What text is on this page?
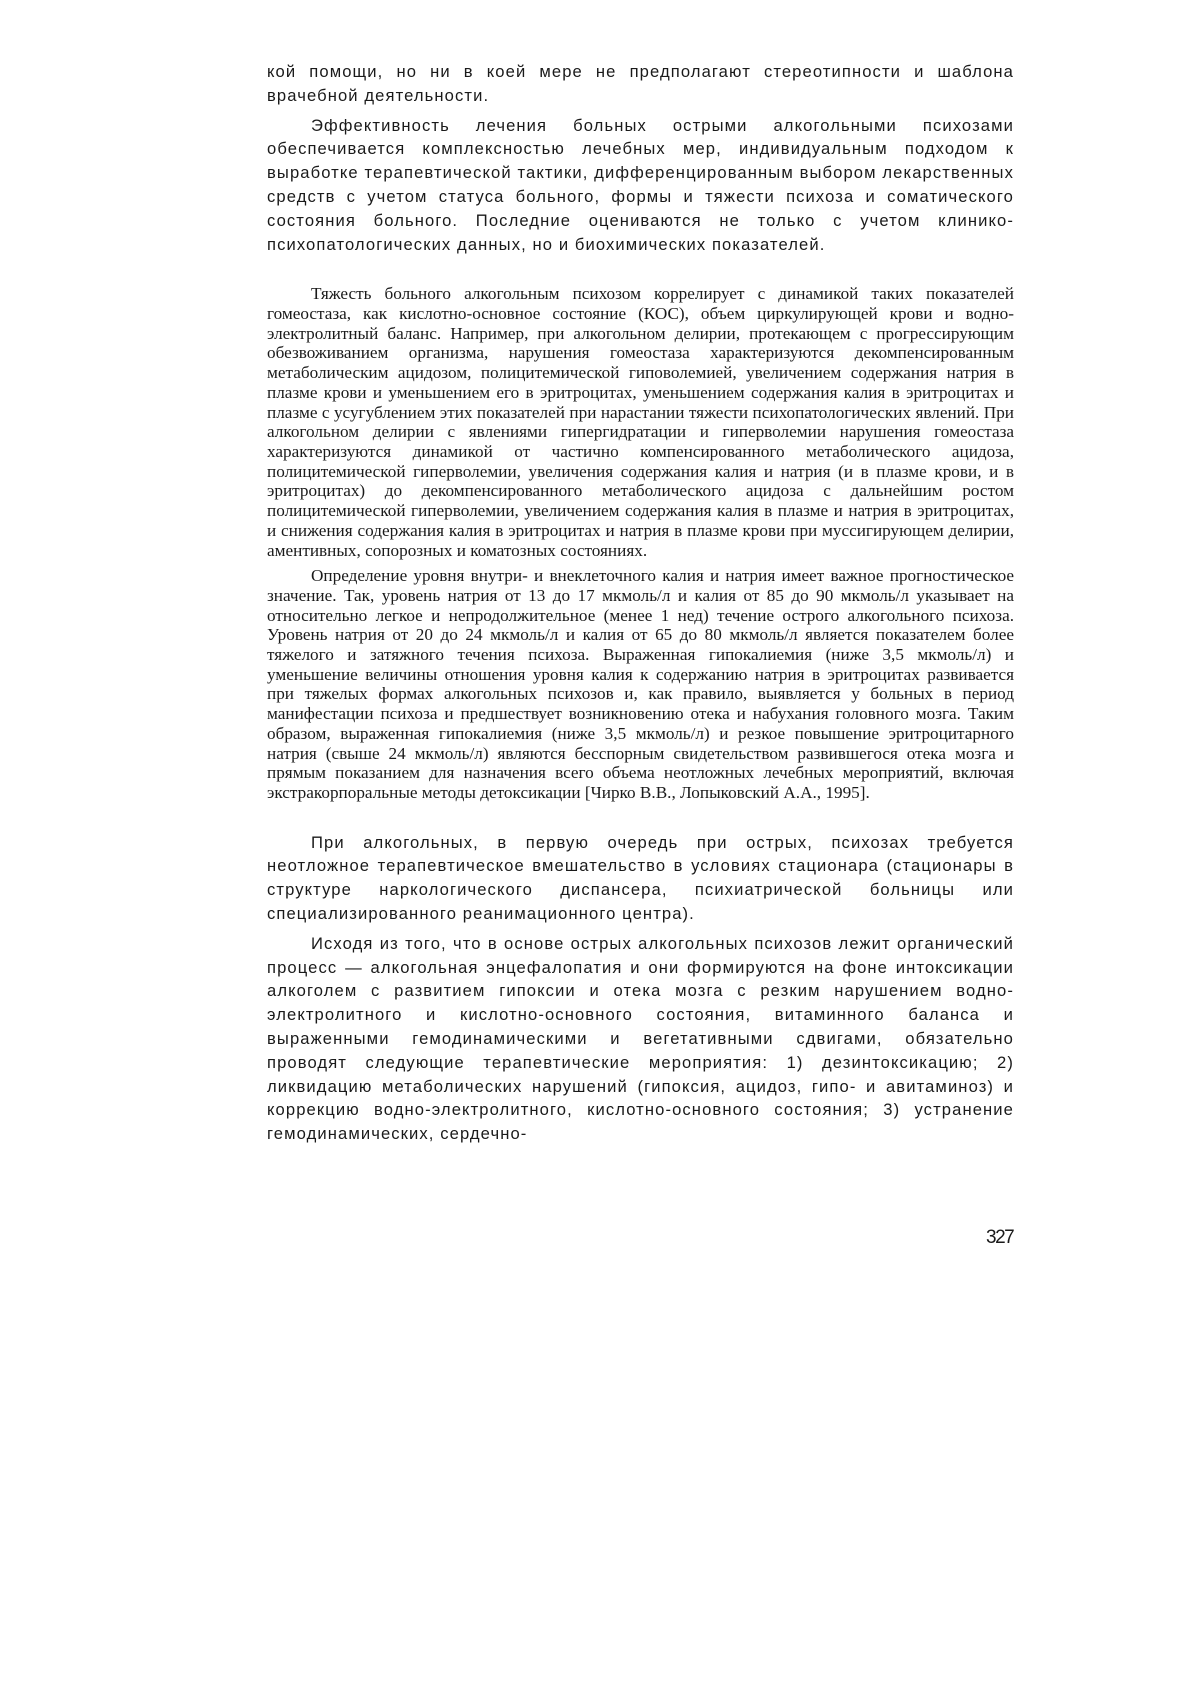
кой помощи, но ни в коей мере не предполагают стереотипности и шаблона врачебной деятельности.

Эффективность лечения больных острыми алкогольными психозами обеспечивается комплексностью лечебных мер, индивидуальным подходом к выработке терапевтической тактики, дифференцированным выбором лекарственных средств с учетом статуса больного, формы и тяжести психоза и соматического состояния больного. Последние оцениваются не только с учетом клинико-психопатологических данных, но и биохимических показателей.

Тяжесть больного алкогольным психозом коррелирует с динамикой таких показателей гомеостаза, как кислотно-основное состояние (КОС), объем циркулирующей крови и водно-электролитный баланс. Например, при алкогольном делирии, протекающем с прогрессирующим обезвоживанием организма, нарушения гомеостаза характеризуются декомпенсированным метаболическим ацидозом, полицитемической гиповолемией, увеличением содержания натрия в плазме крови и уменьшением его в эритроцитах, уменьшением содержания калия в эритроцитах и плазме с усугублением этих показателей при нарастании тяжести психопатологических явлений. При алкогольном делирии с явлениями гипергидратации и гиперволемии нарушения гомеостаза характеризуются динамикой от частично компенсированного метаболического ацидоза, полицитемической гиперволемии, увеличения содержания калия и натрия (и в плазме крови, и в эритроцитах) до декомпенсированного метаболического ацидоза с дальнейшим ростом полицитемической гиперволемии, увеличением содержания калия в плазме и натрия в эритроцитах, и снижения содержания калия в эритроцитах и натрия в плазме крови при муссигирующем делирии, аментивных, сопорозных и коматозных состояниях.

Определение уровня внутри- и внеклеточного калия и натрия имеет важное прогностическое значение. Так, уровень натрия от 13 до 17 мкмоль/л и калия от 85 до 90 мкмоль/л указывает на относительно легкое и непродолжительное (менее 1 нед) течение острого алкогольного психоза. Уровень натрия от 20 до 24 мкмоль/л и калия от 65 до 80 мкмоль/л является показателем более тяжелого и затяжного течения психоза. Выраженная гипокалиемия (ниже 3,5 мкмоль/л) и уменьшение величины отношения уровня калия к содержанию натрия в эритроцитах развивается при тяжелых формах алкогольных психозов и, как правило, выявляется у больных в период манифестации психоза и предшествует возникновению отека и набухания головного мозга. Таким образом, выраженная гипокалиемия (ниже 3,5 мкмоль/л) и резкое повышение эритроцитарного натрия (свыше 24 мкмоль/л) являются бесспорным свидетельством развившегося отека мозга и прямым показанием для назначения всего объема неотложных лечебных мероприятий, включая экстракорпоральные методы детоксикации [Чирко В.В., Лопыковский А.А., 1995].

При алкогольных, в первую очередь при острых, психозах требуется неотложное терапевтическое вмешательство в условиях стационара (стационары в структуре наркологического диспансера, психиатрической больницы или специализированного реанимационного центра).

Исходя из того, что в основе острых алкогольных психозов лежит органический процесс — алкогольная энцефалопатия и они формируются на фоне интоксикации алкоголем с развитием гипоксии и отека мозга с резким нарушением водно-электролитного и кислотно-основного состояния, витаминного баланса и выраженными гемодинамическими и вегетативными сдвигами, обязательно проводят следующие терапевтические мероприятия: 1) дезинтоксикацию; 2) ликвидацию метаболических нарушений (гипоксия, ацидоз, гипо- и авитаминоз) и коррекцию водно-электролитного, кислотно-основного состояния; 3) устранение гемодинамических, сердечно-

327
